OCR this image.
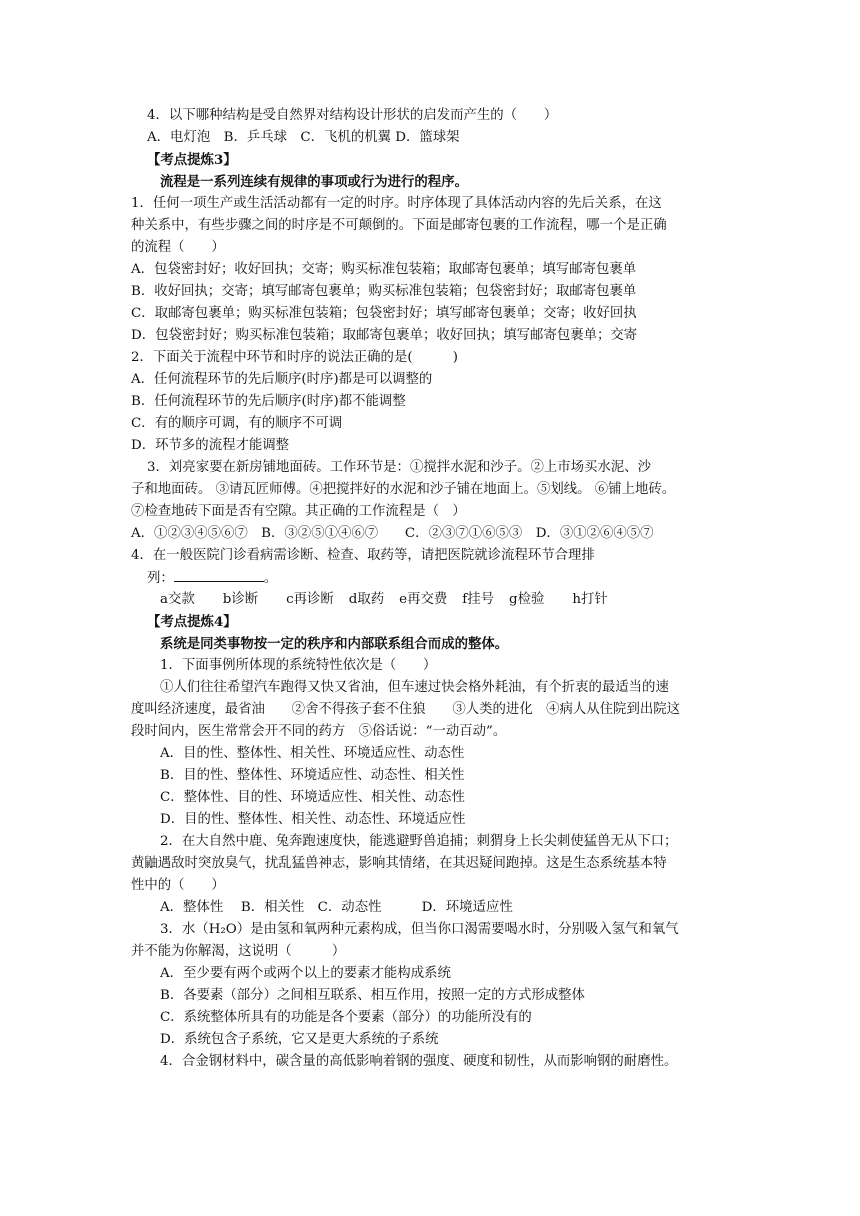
4．以下哪种结构是受自然界对结构设计形状的启发而产生的（　　）
A．电灯泡　B．乒乓球　C．飞机的机翼 D．篮球架
【考点提炼3】
流程是一系列连续有规律的事项或行为进行的程序。
1．任何一项生产或生活活动都有一定的时序。时序体现了具体活动内容的先后关系，在这
种关系中，有些步骤之间的时序是不可颠倒的。下面是邮寄包裹的工作流程，哪一个是正确
的流程（　　）
A．包袋密封好；收好回执；交寄；购买标准包装箱；取邮寄包裹单；填写邮寄包裹单
B．收好回执；交寄；填写邮寄包裹单；购买标准包装箱；包袋密封好；取邮寄包裹单
C．取邮寄包裹单；购买标准包装箱；包袋密封好；填写邮寄包裹单；交寄；收好回执
D．包袋密封好；购买标准包装箱；取邮寄包裹单；收好回执；填写邮寄包裹单；交寄
2．下面关于流程中环节和时序的说法正确的是(　　　)
A．任何流程环节的先后顺序(时序)都是可以调整的
B．任何流程环节的先后顺序(时序)都不能调整
C．有的顺序可调，有的顺序不可调
D．环节多的流程才能调整
3．刘亮家要在新房铺地面砖。工作环节是：①搅拌水泥和沙子。②上市场买水泥、沙
子和地面砖。 ③请瓦匠师傅。④把搅拌好的水泥和沙子铺在地面上。⑤划线。 ⑥铺上地砖。
⑦检查地砖下面是否有空隙。其正确的工作流程是（　）
A．①②③④⑤⑥⑦　B．③②⑤①④⑥⑦　　C．②③⑦①⑥⑤③　D．③①②⑥④⑤⑦
4．在一般医院门诊看病需诊断、检查、取药等，请把医院就诊流程环节合理排
列：	。
a交款 b诊断 c再诊断 d取药 e再交费 f挂号 g检验 h打针
【考点提炼4】
系统是同类事物按一定的秩序和内部联系组合而成的整体。
1．下面事例所体现的系统特性依次是（　　）
①人们往往希望汽车跑得又快又省油，但车速过快会格外耗油，有个折衷的最适当的速
度叫经济速度，最省油　　②舍不得孩子套不住狼　　③人类的进化　④病人从住院到出院这
段时间内，医生常常会开不同的药方　⑤俗话说：“一动百动”。
A．目的性、整体性、相关性、环境适应性、动态性
B．目的性、整体性、环境适应性、动态性、相关性
C．整体性、目的性、环境适应性、相关性、动态性
D．目的性、整体性、相关性、动态性、环境适应性
2．在大自然中鹿、兔奔跑速度快，能逃避野兽追捕；刺猬身上长尖刺使猛兽无从下口；
黄鼬遇敌时突放臭气，扰乱猛兽神志，影响其情绪，在其迟疑间跑掉。这是生态系统基本特
性中的（　　）
A．整体性　 B．相关性　C．动态性　　　D．环境适应性
3．水（H₂O）是由氢和氧两种元素构成，但当你口渴需要喝水时，分别吸入氢气和氧气
并不能为你解渴，这说明（　　　）
A．至少要有两个或两个以上的要素才能构成系统
B．各要素（部分）之间相互联系、相互作用，按照一定的方式形成整体
C．系统整体所具有的功能是各个要素（部分）的功能所没有的
D．系统包含子系统，它又是更大系统的子系统
4．合金钢材料中，碳含量的高低影响着钢的强度、硬度和韧性，从而影响钢的耐磨性。
